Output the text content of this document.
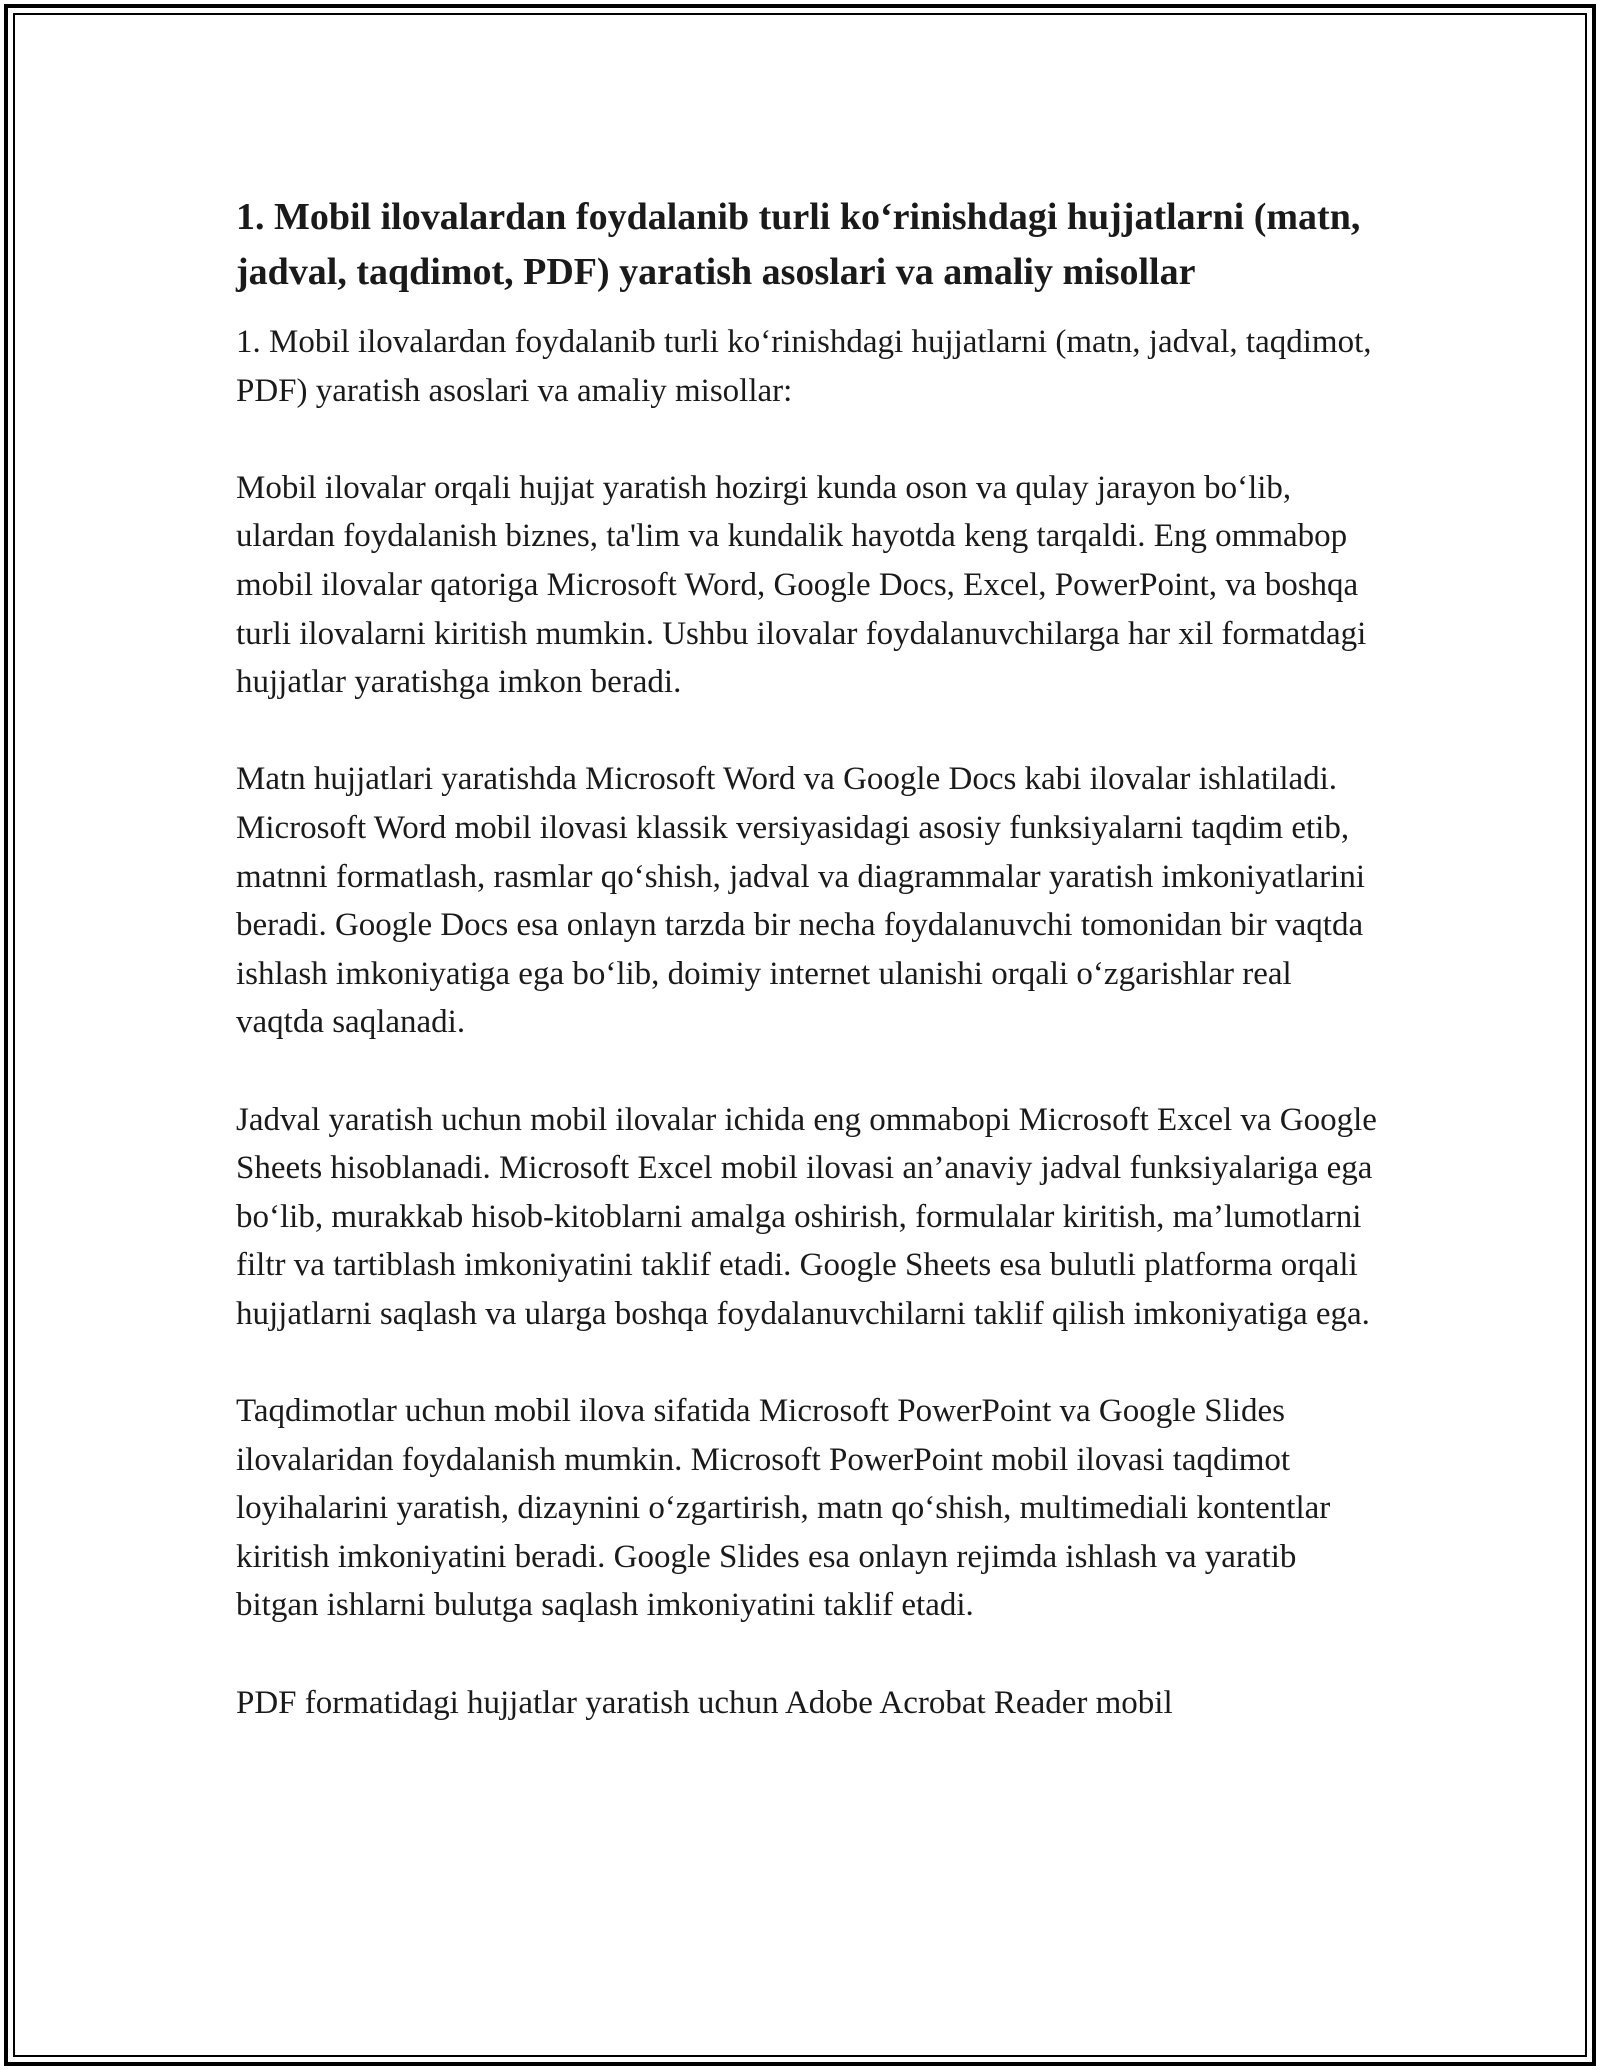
1. Mobil ilovalardan foydalanib turli ko‘rinishdagi hujjatlarni (matn, jadval, taqdimot, PDF) yaratish asoslari va amaliy misollar

1. Mobil ilovalardan foydalanib turli ko‘rinishdagi hujjatlarni (matn, jadval, taqdimot, PDF) yaratish asoslari va amaliy misollar:

Mobil ilovalar orqali hujjat yaratish hozirgi kunda oson va qulay jarayon bo‘lib, ulardan foydalanish biznes, ta'lim va kundalik hayotda keng tarqaldi. Eng ommabop mobil ilovalar qatoriga Microsoft Word, Google Docs, Excel, PowerPoint, va boshqa turli ilovalarni kiritish mumkin. Ushbu ilovalar foydalanuvchilarga har xil formatdagi hujjatlar yaratishga imkon beradi.

Matn hujjatlari yaratishda Microsoft Word va Google Docs kabi ilovalar ishlatiladi. Microsoft Word mobil ilovasi klassik versiyasidagi asosiy funksiyalarni taqdim etib, matnni formatlash, rasmlar qo‘shish, jadval va diagrammalar yaratish imkoniyatlarini beradi. Google Docs esa onlayn tarzda bir necha foydalanuvchi tomonidan bir vaqtda ishlash imkoniyatiga ega bo‘lib, doimiy internet ulanishi orqali o‘zgarishlar real vaqtda saqlanadi.

Jadval yaratish uchun mobil ilovalar ichida eng ommabopi Microsoft Excel va Google Sheets hisoblanadi. Microsoft Excel mobil ilovasi an’anaviy jadval funksiyalariga ega bo‘lib, murakkab hisob-kitoblarni amalga oshirish, formulalar kiritish, ma’lumotlarni filtr va tartiblash imkoniyatini taklif etadi. Google Sheets esa bulutli platforma orqali hujjatlarni saqlash va ularga boshqa foydalanuvchilarni taklif qilish imkoniyatiga ega.

Taqdimotlar uchun mobil ilova sifatida Microsoft PowerPoint va Google Slides ilovalaridan foydalanish mumkin. Microsoft PowerPoint mobil ilovasi taqdimot loyihalarini yaratish, dizaynini o‘zgartirish, matn qo‘shish, multimediali kontentlar kiritish imkoniyatini beradi. Google Slides esa onlayn rejimda ishlash va yaratib bitgan ishlarni bulutga saqlash imkoniyatini taklif etadi.

PDF formatidagi hujjatlar yaratish uchun Adobe Acrobat Reader mobil
